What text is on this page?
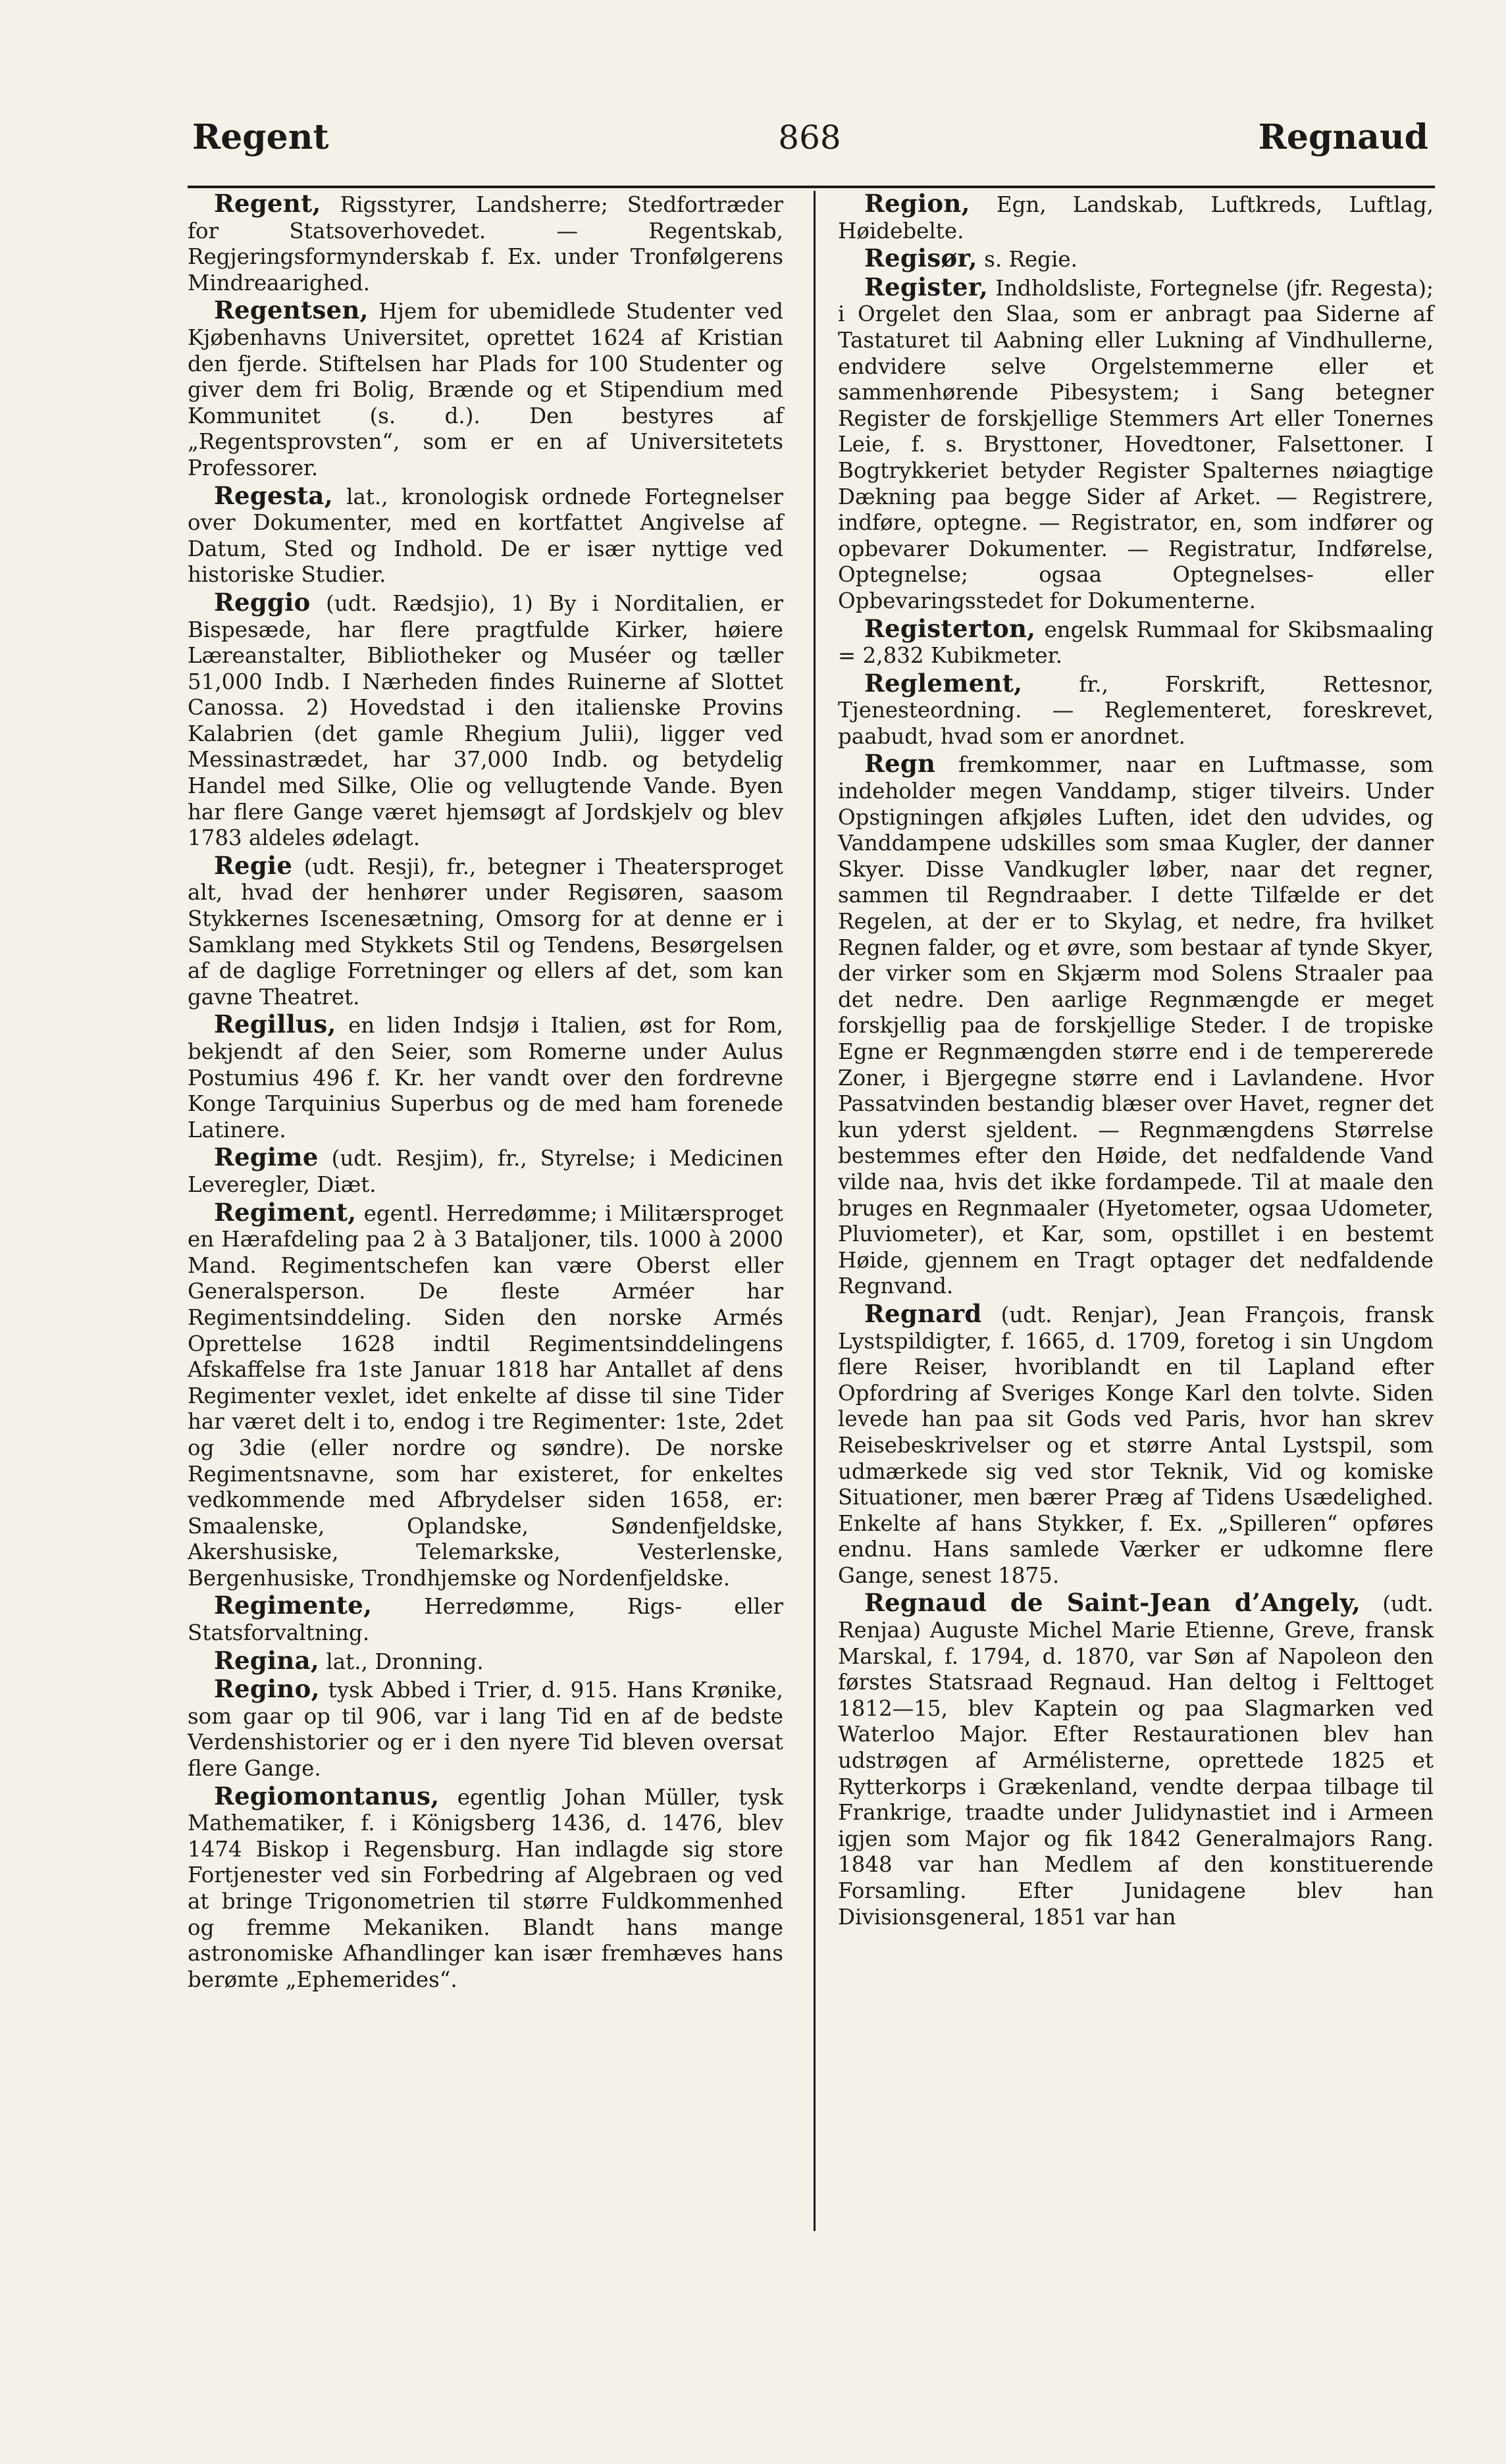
Regent	868	Regnaud

Regent, Rigsstyrer, Landsherre; Stedfortræder for Statsoverhovedet. — Regentskab, Regjeringsformynderskab f. Ex. under Tronfølgerens Mindreaarighed.

Regentsen, Hjem for ubemidlede Studenter ved Kjøbenhavns Universitet, oprettet 1624 af Kristian den fjerde. Stiftelsen har Plads for 100 Studenter og giver dem fri Bolig, Brænde og et Stipendium med Kommunitet (s. d.). Den bestyres af „Regentsprovsten“, som er en af Universitetets Professorer.

Regesta, lat., kronologisk ordnede Fortegnelser over Dokumenter, med en kortfattet Angivelse af Datum, Sted og Indhold. De er især nyttige ved historiske Studier.

Reggio (udt. Rædsjio), 1) By i Norditalien, er Bispesæde, har flere pragtfulde Kirker, høiere Læreanstalter, Bibliotheker og Muséer og tæller 51,000 Indb. I Nærheden findes Ruinerne af Slottet Canossa. 2) Hovedstad i den italienske Provins Kalabrien (det gamle Rhegium Julii), ligger ved Messinastrædet, har 37,000 Indb. og betydelig Handel med Silke, Olie og vellugtende Vande. Byen har flere Gange været hjemsøgt af Jordskjelv og blev 1783 aldeles ødelagt.

Regie (udt. Resji), fr., betegner i Theatersproget alt, hvad der henhører under Regisøren, saasom Stykkernes Iscenesætning, Omsorg for at denne er i Samklang med Stykkets Stil og Tendens, Besørgelsen af de daglige Forretninger og ellers af det, som kan gavne Theatret.

Regillus, en liden Indsjø i Italien, øst for Rom, bekjendt af den Seier, som Romerne under Aulus Postumius 496 f. Kr. her vandt over den fordrevne Konge Tarquinius Superbus og de med ham forenede Latinere.

Regime (udt. Resjim), fr., Styrelse; i Medicinen Leveregler, Diæt.

Regiment, egentl. Herredømme; i Militærsproget en Hærafdeling paa 2 à 3 Bataljoner, tils. 1000 à 2000 Mand. Regimentschefen kan være Oberst eller Generalsperson. De fleste Arméer har Regimentsinddeling. Siden den norske Armés Oprettelse 1628 indtil Regimentsinddelingens Afskaffelse fra 1ste Januar 1818 har Antallet af dens Regimenter vexlet, idet enkelte af disse til sine Tider har været delt i to, endog i tre Regimenter: 1ste, 2det og 3die (eller nordre og søndre). De norske Regimentsnavne, som har existeret, for enkeltes vedkommende med Afbrydelser siden 1658, er: Smaalenske, Oplandske, Søndenfjeldske, Akershusiske, Telemarkske, Vesterlenske, Bergenhusiske, Trondhjemske og Nordenfjeldske.

Regimente, Herredømme, Rigs- eller Statsforvaltning.

Regina, lat., Dronning.

Regino, tysk Abbed i Trier, d. 915. Hans Krønike, som gaar op til 906, var i lang Tid en af de bedste Verdenshistorier og er i den nyere Tid bleven oversat flere Gange.

Regiomontanus, egentlig Johan Müller, tysk Mathematiker, f. i Königsberg 1436, d. 1476, blev 1474 Biskop i Regensburg. Han indlagde sig store Fortjenester ved sin Forbedring af Algebraen og ved at bringe Trigonometrien til større Fuldkommenhed og fremme Mekaniken. Blandt hans mange astronomiske Afhandlinger kan især fremhæves hans berømte „Ephemerides“.

Region, Egn, Landskab, Luftkreds, Luftlag, Høidebelte.

Regisør, s. Regie.

Register, Indholdsliste, Fortegnelse (jfr. Regesta); i Orgelet den Slaa, som er anbragt paa Siderne af Tastaturet til Aabning eller Lukning af Vindhullerne, endvidere selve Orgelstemmerne eller et sammenhørende Pibesystem; i Sang betegner Register de forskjellige Stemmers Art eller Tonernes Leie, f. s. Brysttoner, Hovedtoner, Falsettoner. I Bogtrykkeriet betyder Register Spalternes nøiagtige Dækning paa begge Sider af Arket. — Registrere, indføre, optegne. — Registrator, en, som indfører og opbevarer Dokumenter. — Registratur, Indførelse, Optegnelse; ogsaa Optegnelses- eller Opbevaringsstedet for Dokumenterne.

Registerton, engelsk Rummaal for Skibsmaaling = 2,832 Kubikmeter.

Reglement, fr., Forskrift, Rettesnor, Tjenesteordning. — Reglementeret, foreskrevet, paabudt, hvad som er anordnet.

Regn fremkommer, naar en Luftmasse, som indeholder megen Vanddamp, stiger tilveirs. Under Opstigningen afkjøles Luften, idet den udvides, og Vanddampene udskilles som smaa Kugler, der danner Skyer. Disse Vandkugler løber, naar det regner, sammen til Regndraaber. I dette Tilfælde er det Regelen, at der er to Skylag, et nedre, fra hvilket Regnen falder, og et øvre, som bestaar af tynde Skyer, der virker som en Skjærm mod Solens Straaler paa det nedre. Den aarlige Regnmængde er meget forskjellig paa de forskjellige Steder. I de tropiske Egne er Regnmængden større end i de tempererede Zoner, i Bjergegne større end i Lavlandene. Hvor Passatvinden bestandig blæser over Havet, regner det kun yderst sjeldent. — Regnmængdens Størrelse bestemmes efter den Høide, det nedfaldende Vand vilde naa, hvis det ikke fordampede. Til at maale den bruges en Regnmaaler (Hyetometer, ogsaa Udometer, Pluviometer), et Kar, som, opstillet i en bestemt Høide, gjennem en Tragt optager det nedfaldende Regnvand.

Regnard (udt. Renjar), Jean François, fransk Lystspildigter, f. 1665, d. 1709, foretog i sin Ungdom flere Reiser, hvoriblandt en til Lapland efter Opfordring af Sveriges Konge Karl den tolvte. Siden levede han paa sit Gods ved Paris, hvor han skrev Reisebeskrivelser og et større Antal Lystspil, som udmærkede sig ved stor Teknik, Vid og komiske Situationer, men bærer Præg af Tidens Usædelighed. Enkelte af hans Stykker, f. Ex. „Spilleren“ opføres endnu. Hans samlede Værker er udkomne flere Gange, senest 1875.

Regnaud de Saint-Jean d’Angely, (udt. Renjaa) Auguste Michel Marie Etienne, Greve, fransk Marskal, f. 1794, d. 1870, var Søn af Napoleon den førstes Statsraad Regnaud. Han deltog i Felttoget 1812—15, blev Kaptein og paa Slagmarken ved Waterloo Major. Efter Restaurationen blev han udstrøgen af Armélisterne, oprettede 1825 et Rytterkorps i Grækenland, vendte derpaa tilbage til Frankrige, traadte under Julidynastiet ind i Armeen igjen som Major og fik 1842 Generalmajors Rang. 1848 var han Medlem af den konstituerende Forsamling. Efter Junidagene blev han Divisionsgeneral, 1851 var han
